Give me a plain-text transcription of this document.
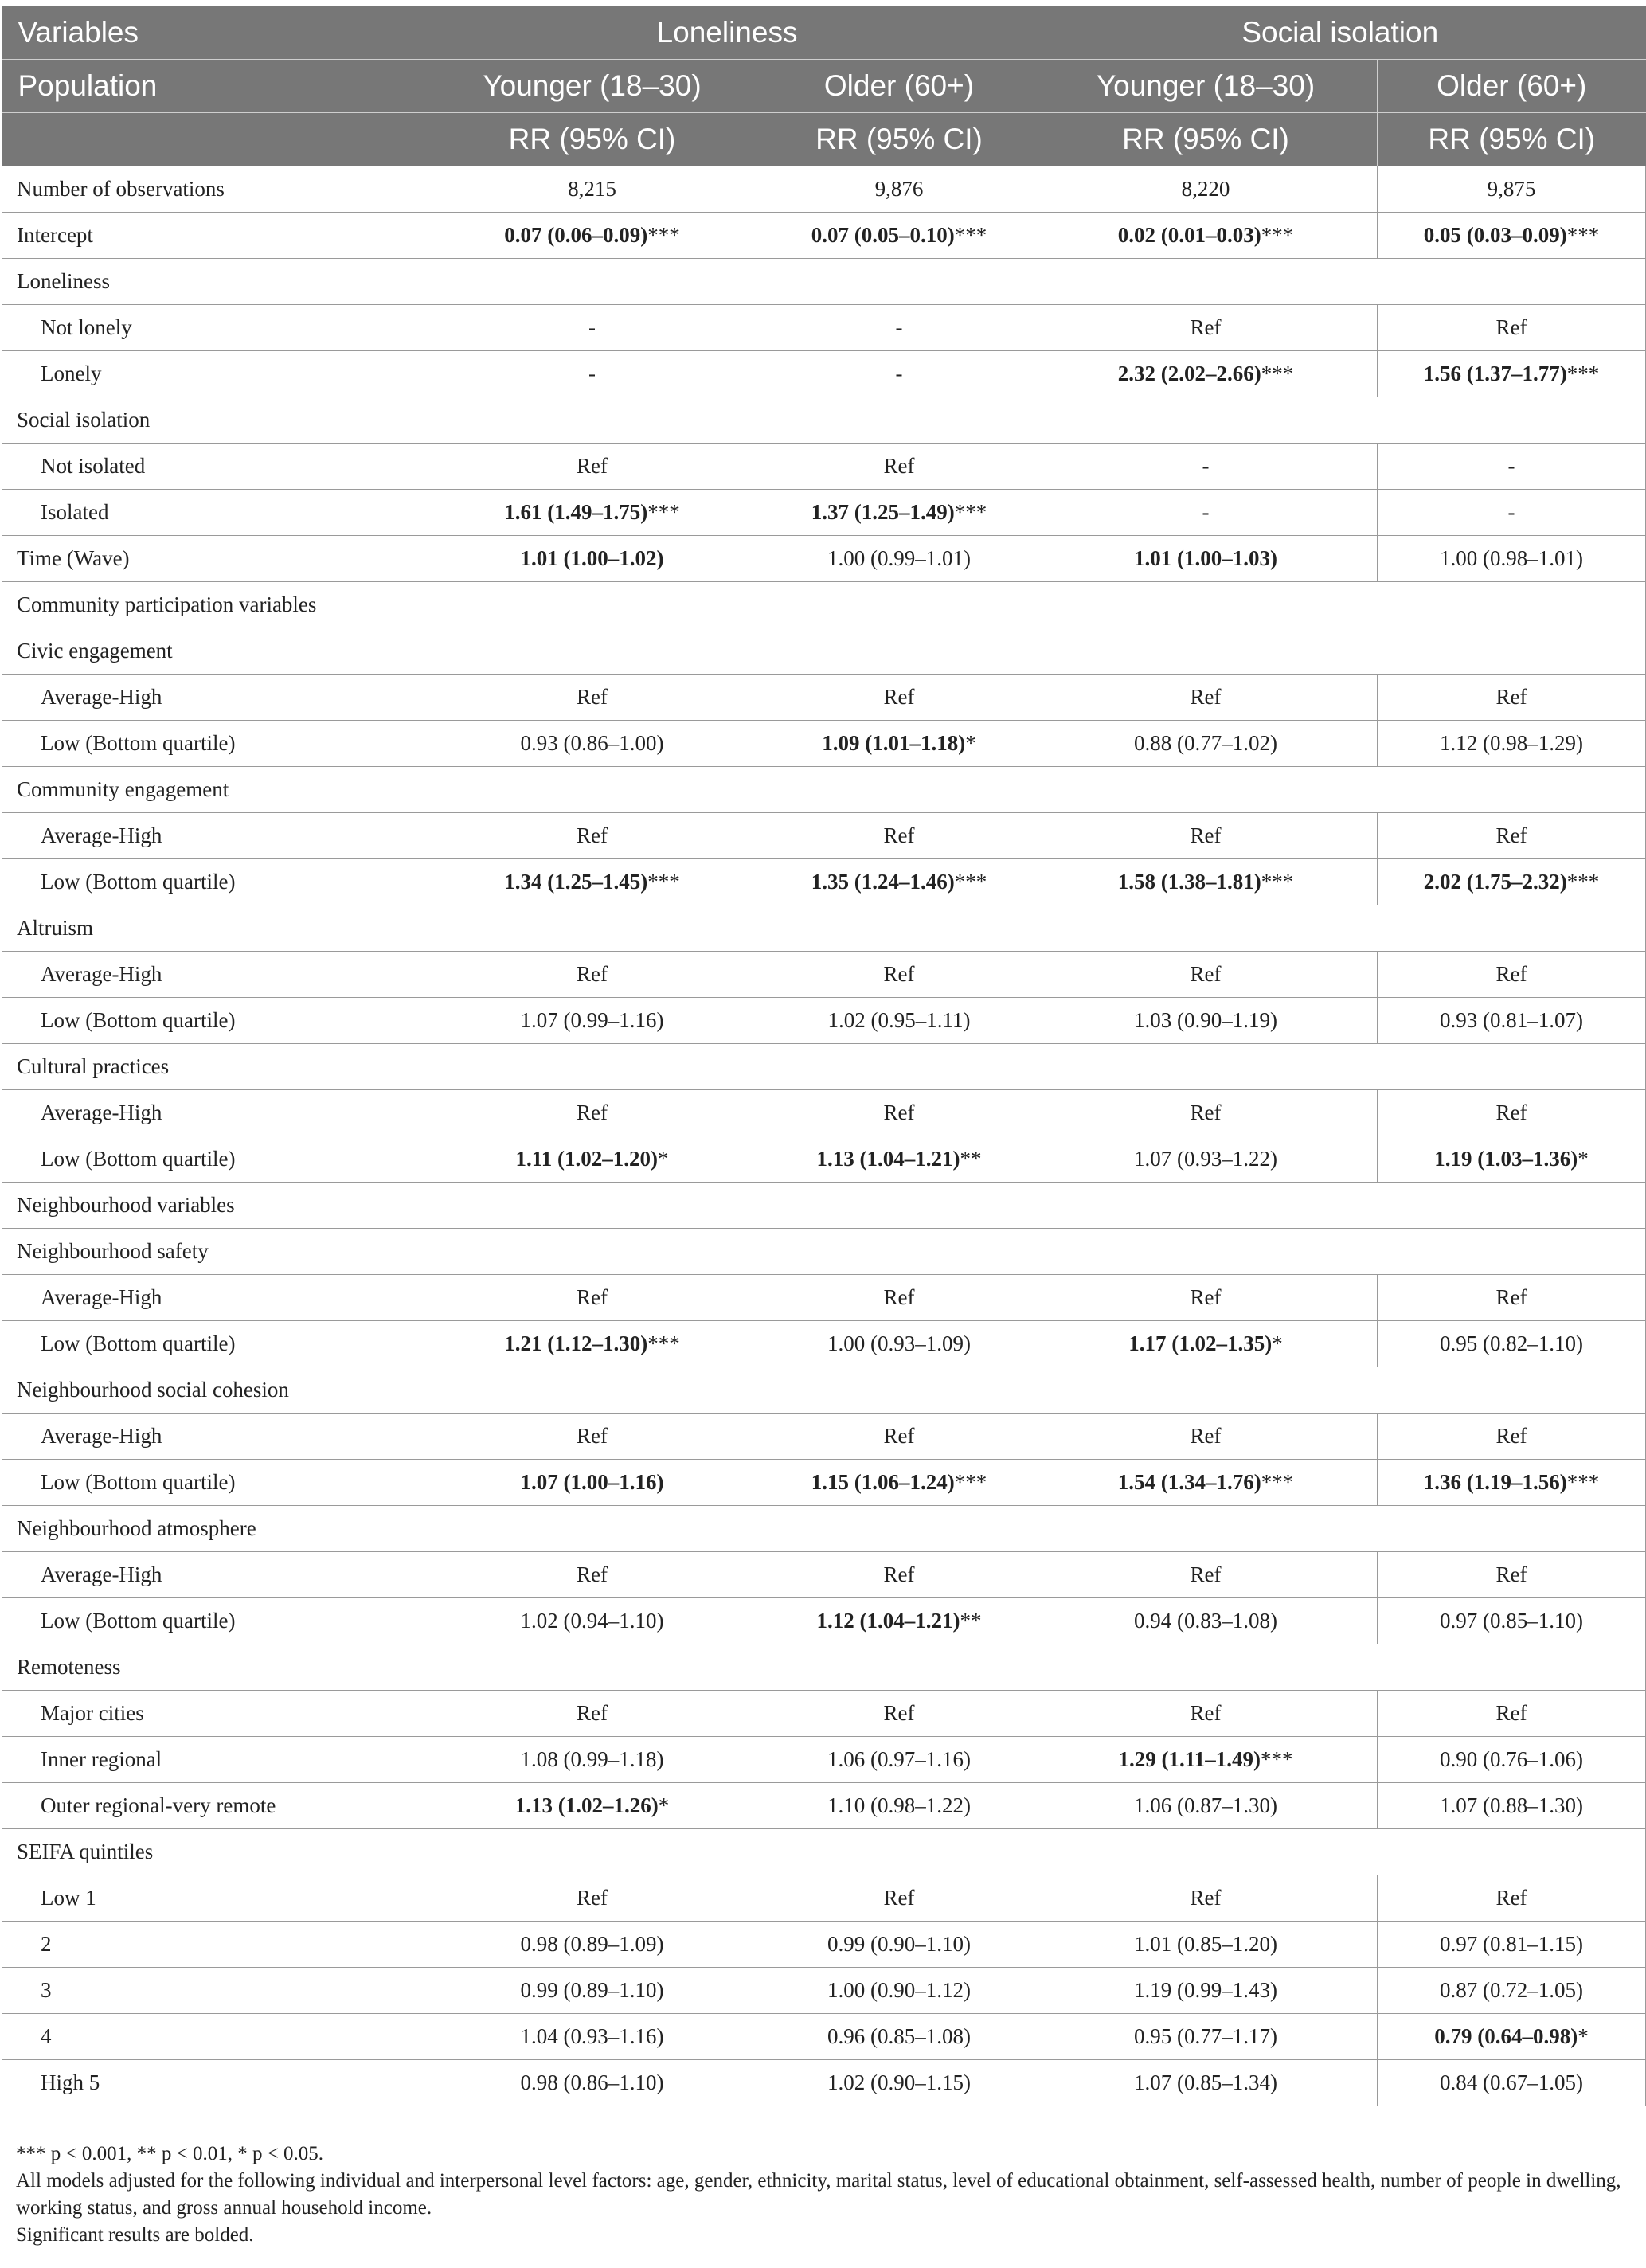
Variables	Loneliness		Social isolation	
Population	Younger (18–30)	Older (60+)	Younger (18–30)	Older (60+)
	RR (95% CI)	RR (95% CI)	RR (95% CI)	RR (95% CI)
Number of observations	8,215	9,876	8,220	9,875
Intercept	0.07 (0.06–0.09)***	0.07 (0.05–0.10)***	0.02 (0.01–0.03)***	0.05 (0.03–0.09)***
Loneliness				
Not lonely	-	-	Ref	Ref
Lonely	-	-	2.32 (2.02–2.66)***	1.56 (1.37–1.77)***
Social isolation				
Not isolated	Ref	Ref	-	-
Isolated	1.61 (1.49–1.75)***	1.37 (1.25–1.49)***	-	-
Time (Wave)	1.01 (1.00–1.02)	1.00 (0.99–1.01)	1.01 (1.00–1.03)	1.00 (0.98–1.01)
Community participation variables				
Civic engagement				
Average-High	Ref	Ref	Ref	Ref
Low (Bottom quartile)	0.93 (0.86–1.00)	1.09 (1.01–1.18)*	0.88 (0.77–1.02)	1.12 (0.98–1.29)
Community engagement				
Average-High	Ref	Ref	Ref	Ref
Low (Bottom quartile)	1.34 (1.25–1.45)***	1.35 (1.24–1.46)***	1.58 (1.38–1.81)***	2.02 (1.75–2.32)***
Altruism				
Average-High	Ref	Ref	Ref	Ref
Low (Bottom quartile)	1.07 (0.99–1.16)	1.02 (0.95–1.11)	1.03 (0.90–1.19)	0.93 (0.81–1.07)
Cultural practices				
Average-High	Ref	Ref	Ref	Ref
Low (Bottom quartile)	1.11 (1.02–1.20)*	1.13 (1.04–1.21)**	1.07 (0.93–1.22)	1.19 (1.03–1.36)*
Neighbourhood variables				
Neighbourhood safety				
Average-High	Ref	Ref	Ref	Ref
Low (Bottom quartile)	1.21 (1.12–1.30)***	1.00 (0.93–1.09)	1.17 (1.02–1.35)*	0.95 (0.82–1.10)
Neighbourhood social cohesion				
Average-High	Ref	Ref	Ref	Ref
Low (Bottom quartile)	1.07 (1.00–1.16)	1.15 (1.06–1.24)***	1.54 (1.34–1.76)***	1.36 (1.19–1.56)***
Neighbourhood atmosphere				
Average-High	Ref	Ref	Ref	Ref
Low (Bottom quartile)	1.02 (0.94–1.10)	1.12 (1.04–1.21)**	0.94 (0.83–1.08)	0.97 (0.85–1.10)
Remoteness				
Major cities	Ref	Ref	Ref	Ref
Inner regional	1.08 (0.99–1.18)	1.06 (0.97–1.16)	1.29 (1.11–1.49)***	0.90 (0.76–1.06)
Outer regional-very remote	1.13 (1.02–1.26)*	1.10 (0.98–1.22)	1.06 (0.87–1.30)	1.07 (0.88–1.30)
SEIFA quintiles				
Low 1	Ref	Ref	Ref	Ref
2	0.98 (0.89–1.09)	0.99 (0.90–1.10)	1.01 (0.85–1.20)	0.97 (0.81–1.15)
3	0.99 (0.89–1.10)	1.00 (0.90–1.12)	1.19 (0.99–1.43)	0.87 (0.72–1.05)
4	1.04 (0.93–1.16)	0.96 (0.85–1.08)	0.95 (0.77–1.17)	0.79 (0.64–0.98)*
High 5	0.98 (0.86–1.10)	1.02 (0.90–1.15)	1.07 (0.85–1.34)	0.84 (0.67–1.05)

*** p < 0.001, ** p < 0.01, * p < 0.05.

All models adjusted for the following individual and interpersonal level factors: age, gender, ethnicity, marital status, level of educational obtainment, self-assessed health, number of people in dwelling, working status, and gross annual household income.

Significant results are bolded.
